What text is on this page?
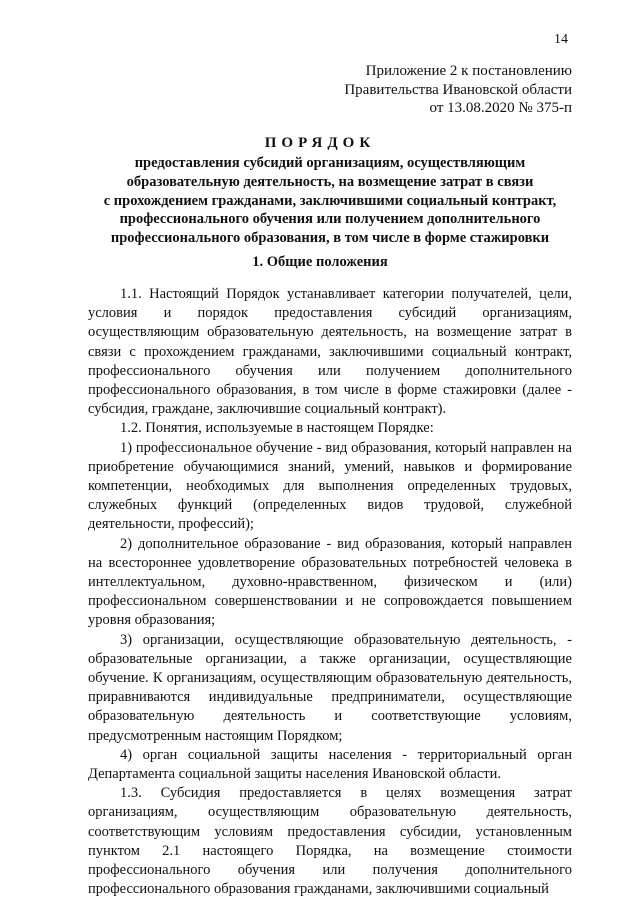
14
Приложение 2 к постановлению
Правительства Ивановской области
от 13.08.2020 № 375-п
ПОРЯДОК
предоставления субсидий организациям, осуществляющим
образовательную деятельность, на возмещение затрат в связи
с прохождением гражданами, заключившими социальный контракт,
профессионального обучения или получением дополнительного
профессионального образования, в том числе в форме стажировки
1. Общие положения

1.1. Настоящий Порядок устанавливает категории получателей, цели, условия и порядок предоставления субсидий организациям, осуществляющим образовательную деятельность, на возмещение затрат в связи с прохождением гражданами, заключившими социальный контракт, профессионального обучения или получением дополнительного профессионального образования, в том числе в форме стажировки (далее - субсидия, граждане, заключившие социальный контракт).

1.2. Понятия, используемые в настоящем Порядке:

1) профессиональное обучение - вид образования, который направлен на приобретение обучающимися знаний, умений, навыков и формирование компетенции, необходимых для выполнения определенных трудовых, служебных функций (определенных видов трудовой, служебной деятельности, профессий);

2) дополнительное образование - вид образования, который направлен на всестороннее удовлетворение образовательных потребностей человека в интеллектуальном, духовно-нравственном, физическом и (или) профессиональном совершенствовании и не сопровождается повышением уровня образования;

3) организации, осуществляющие образовательную деятельность, - образовательные организации, а также организации, осуществляющие обучение. К организациям, осуществляющим образовательную деятельность, приравниваются индивидуальные предприниматели, осуществляющие образовательную деятельность и соответствующие условиям, предусмотренным настоящим Порядком;

4) орган социальной защиты населения - территориальный орган Департамента социальной защиты населения Ивановской области.

1.3. Субсидия предоставляется в целях возмещения затрат организациям, осуществляющим образовательную деятельность, соответствующим условиям предоставления субсидии, установленным пунктом 2.1 настоящего Порядка, на возмещение стоимости профессионального обучения или получения дополнительного профессионального образования гражданами, заключившими социальный
